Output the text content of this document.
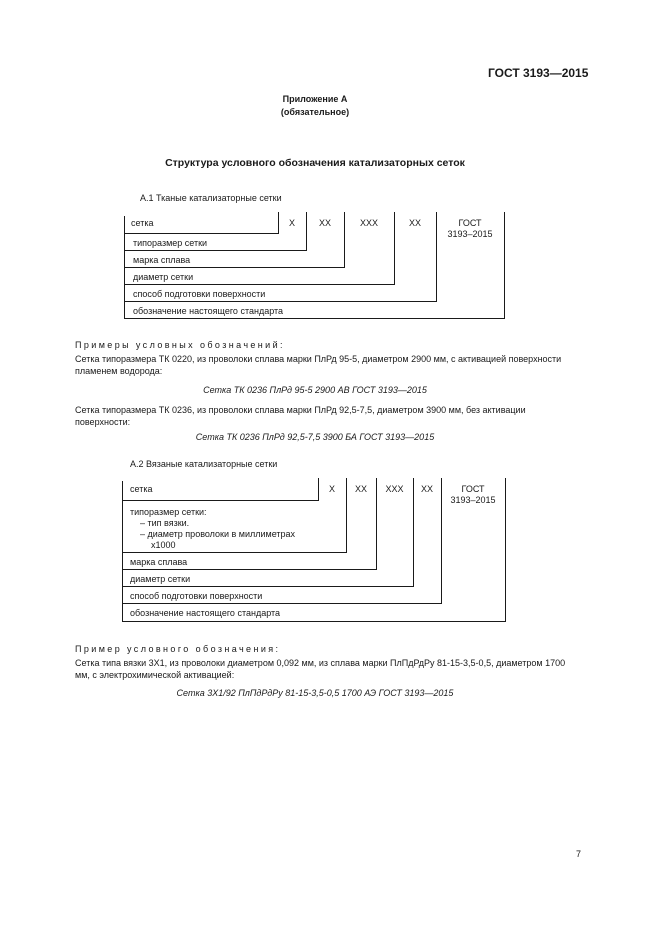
ГОСТ 3193—2015
Приложение А
(обязательное)
Структура условного обозначения катализаторных сеток
А.1 Тканые катализаторные сетки
сетка	Х	ХХ	ХХХ	ХХ	ГОСТ
3193–2015
типоразмер сетки
марка сплава
диаметр сетки
способ подготовки поверхности
обозначение настоящего стандарта
Примеры условных обозначений:
Сетка типоразмера ТК 0220, из проволоки сплава марки ПлРд 95-5, диаметром 2900 мм, с активацией поверхности пламенем водорода:
Сетка ТК 0236 ПлРд 95-5 2900 АВ ГОСТ 3193—2015
Сетка типоразмера ТК 0236, из проволоки сплава марки ПлРд 92,5-7,5, диаметром 3900 мм, без активации поверхности:
Сетка ТК 0236 ПлРд 92,5-7,5 3900 БА ГОСТ 3193—2015
А.2 Вязаные катализаторные сетки
сетка	Х	ХХ	ХХХ	ХХ	ГОСТ
3193–2015
типоразмер сетки:
– тип вязки.
– диаметр проволоки в миллиметрах
х1000
марка сплава
диаметр сетки
способ подготовки поверхности
обозначение настоящего стандарта
Пример условного обозначения:
Сетка типа вязки 3Х1, из проволоки диаметром 0,092 мм, из сплава марки ПлПдРдРу 81-15-3,5-0,5, диаметром 1700 мм, с электрохимической активацией:
Сетка 3Х1/92 ПлПдРдРу 81-15-3,5-0,5 1700 АЭ ГОСТ 3193—2015
7
